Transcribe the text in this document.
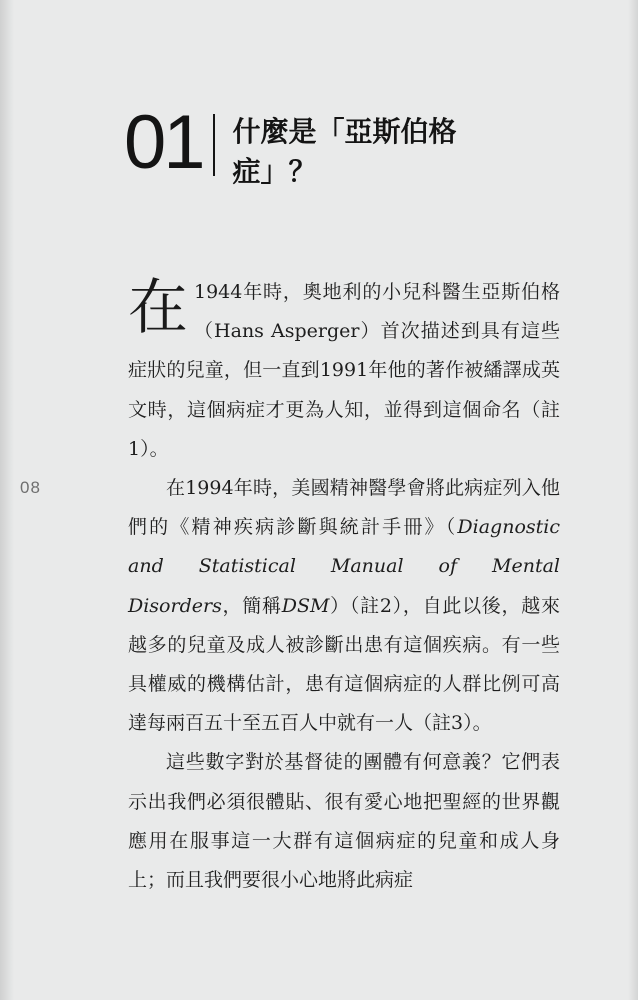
01 什麼是「亞斯伯格症」？
08

在 1944年時，奧地利的小兒科醫生亞斯伯格（Hans Asperger）首次描述到具有這些症狀的兒童，但一直到1991年他的著作被繙譯成英文時，這個病症才更為人知，並得到這個命名（註1）。

在1994年時，美國精神醫學會將此病症列入他們的《精神疾病診斷與統計手冊》（Diagnostic and Statistical Manual of Mental Disorders，簡稱DSM）（註2），自此以後，越來越多的兒童及成人被診斷出患有這個疾病。有一些具權威的機構估計，患有這個病症的人群比例可高達每兩百五十至五百人中就有一人（註3）。

這些數字對於基督徒的團體有何意義？它們表示出我們必須很體貼、很有愛心地把聖經的世界觀應用在服事這一大群有這個病症的兒童和成人身上；而且我們要很小心地將此病症
